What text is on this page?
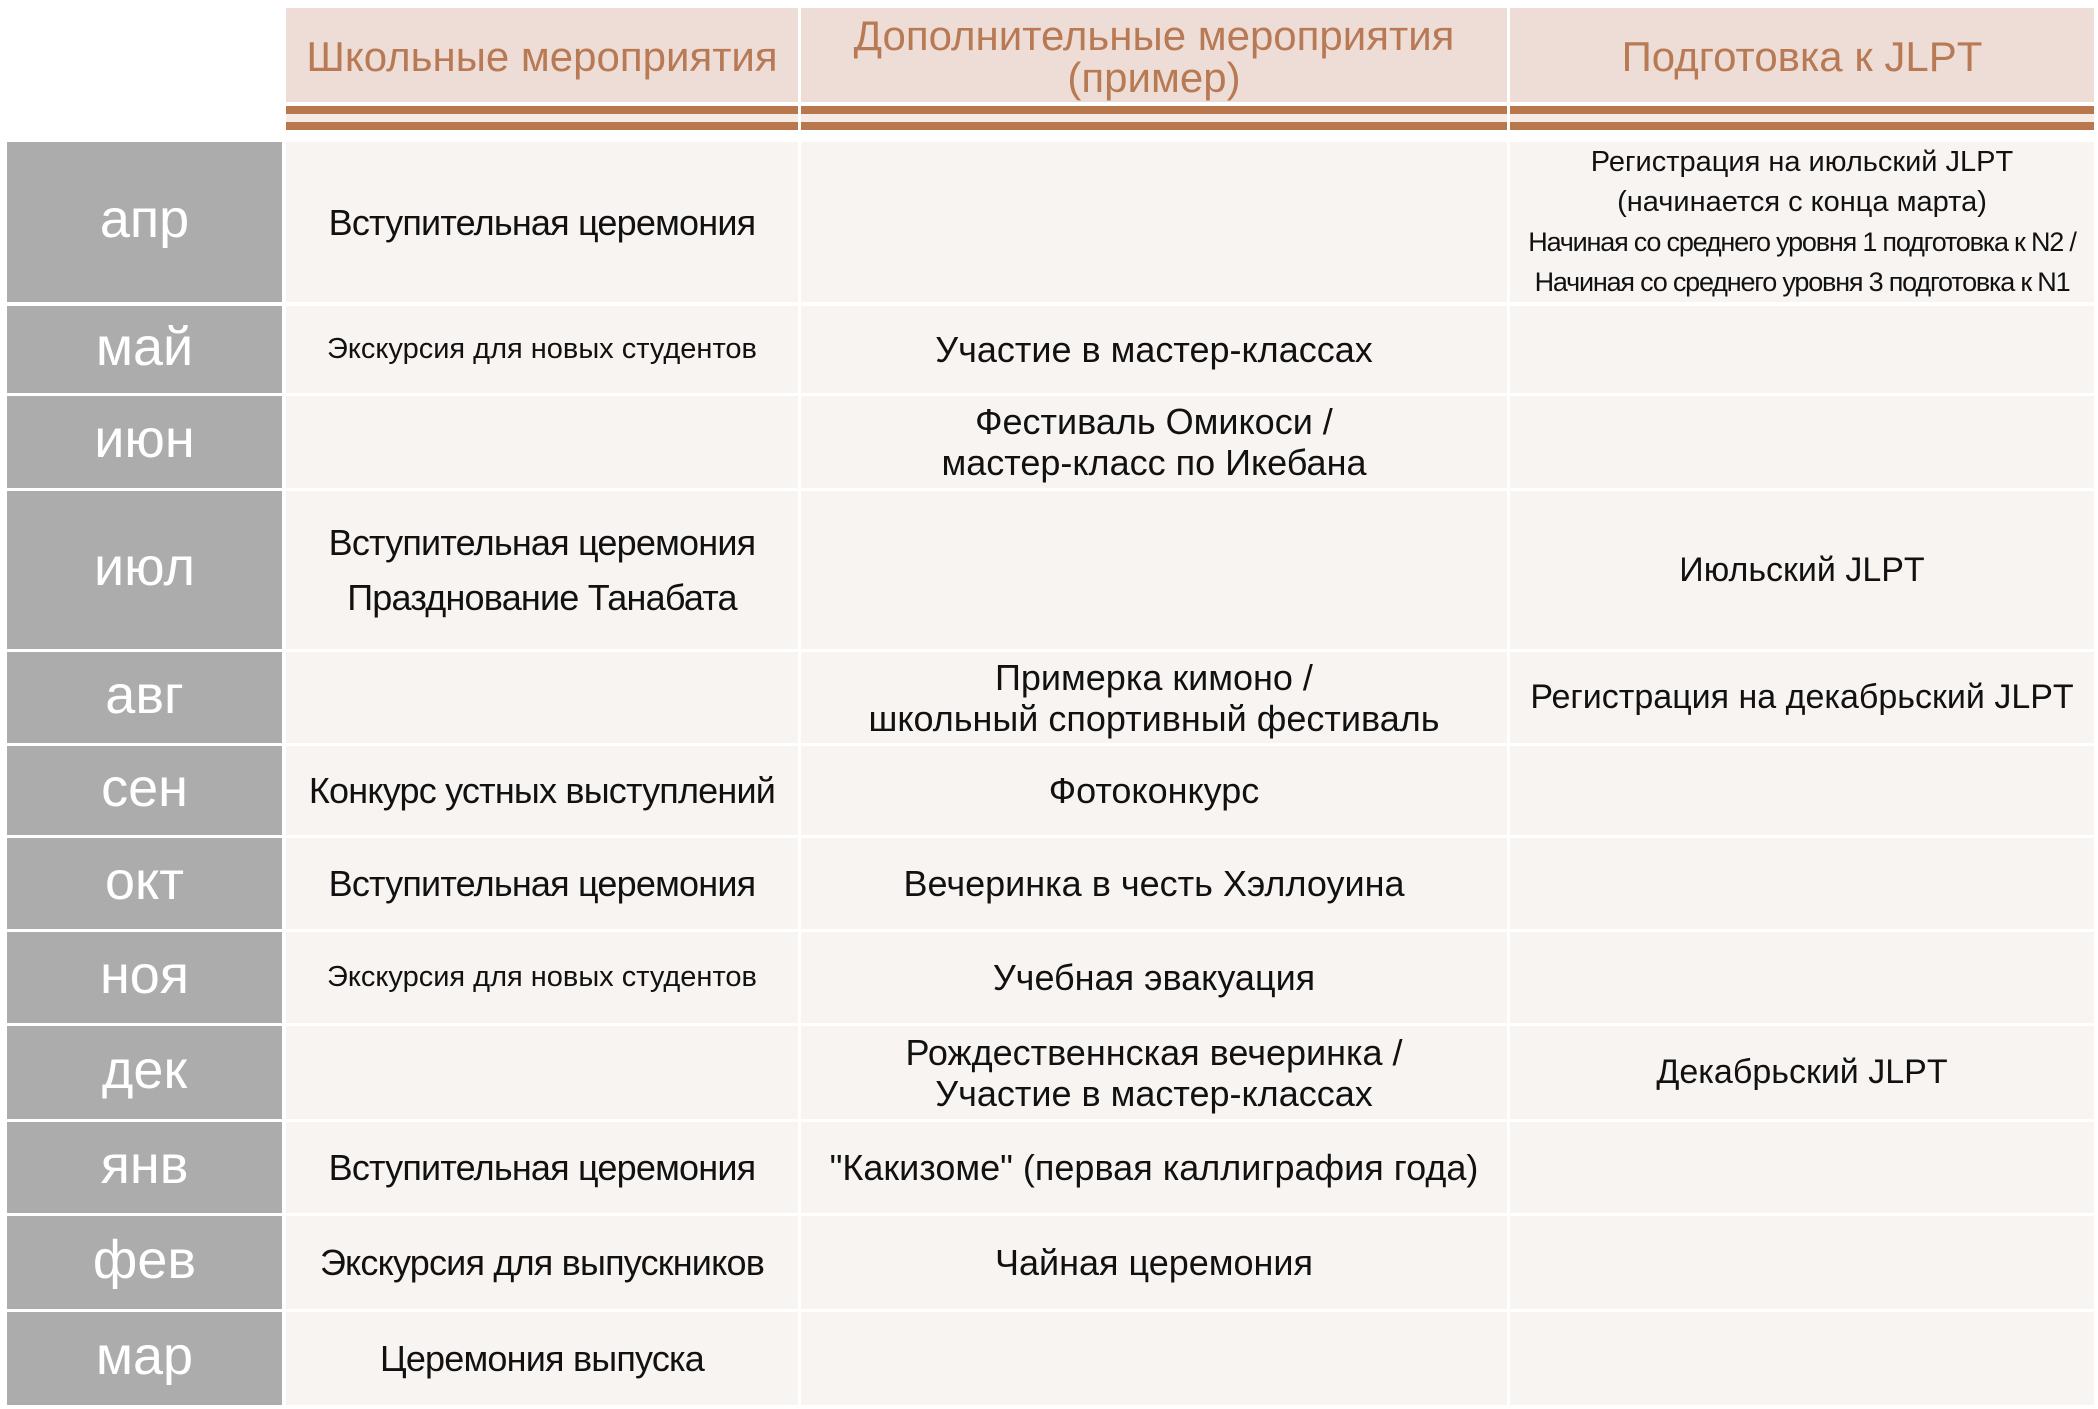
Школьные мероприятия	Дополнительные мероприятия
(пример)	Подготовка к JLPT
апр	Вступительная церемония
Регистрация на июльский JLPT
(начинается с конца марта)
Начиная со среднего уровня 1 подготовка к N2 /
Начиная со среднего уровня 3 подготовка к N1
май	Экскурсия для новых студентов	Участие в мастер-классах
июн	Фестиваль Омикоси /
мастер-класс по Икебана
июл	Вступительная церемония
Празднование Танабата
Июльский JLPT
авг	Примерка кимоно /
школьный спортивный фестиваль
Регистрация на декабрьский JLPT
сен	Конкурс устных выступлений	Фотоконкурс
окт	Вступительная церемония	Вечеринка в честь Хэллоуина
ноя	Экскурсия для новых студентов	Учебная эвакуация
дек	Рождественнская вечеринка /
Участие в мастер-классах
Декабрьский JLPT
янв	Вступительная церемония "Какизоме" (первая каллиграфия года)
фев	Экскурсия для выпускников	Чайная церемония
мар	Церемония выпуска
